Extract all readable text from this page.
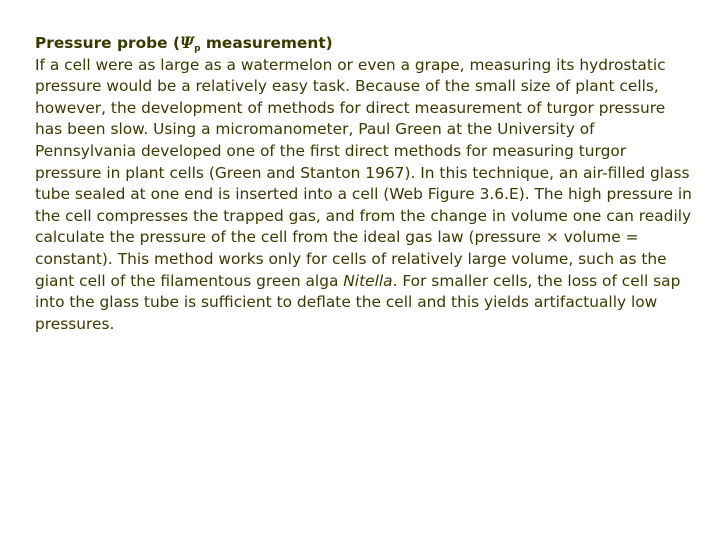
Pressure probe ($\Psi_p$ measurement)

If a cell were as large as a watermelon or even a grape, measuring its hydrostatic pressure would be a relatively easy task. Because of the small size of plant cells, however, the development of methods for direct measurement of turgor pressure has been slow. Using a micromanometer, Paul Green at the University of Pennsylvania developed one of the first direct methods for measuring turgor pressure in plant cells (Green and Stanton 1967). In this technique, an air-filled glass tube sealed at one end is inserted into a cell (Web Figure 3.6.E). The high pressure in the cell compresses the trapped gas, and from the change in volume one can readily calculate the pressure of the cell from the ideal gas law (pressure × volume = constant). This method works only for cells of relatively large volume, such as the giant cell of the filamentous green alga Nitella. For smaller cells, the loss of cell sap into the glass tube is sufficient to deflate the cell and this yields artifactually low pressures.
